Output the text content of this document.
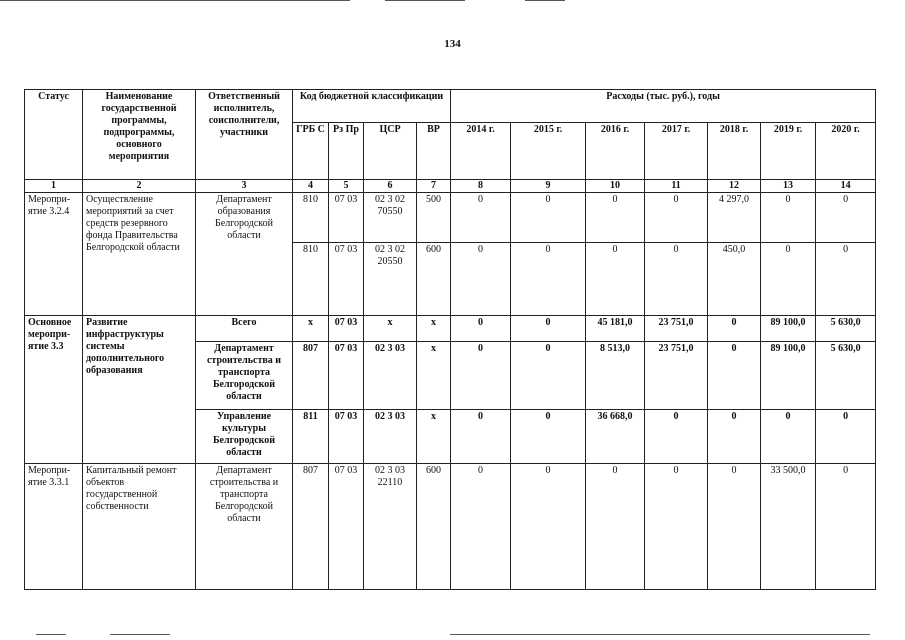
134
Статус	Наименование государственной программы, подпрограммы, основного мероприятия	Ответственный исполнитель, соисполнители, участники	Код бюджетной классификации				Расходы (тыс. руб.), годы						
			ГРБ С	Рз Пр	ЦСР	ВР	2014 г.	2015 г.	2016 г.	2017 г.	2018 г.	2019 г.	2020 г.
1	2	3	4	5	6	7	8	9	10	11	12	13	14
Меропри-ятие 3.2.4	Осуществление мероприятий за счет средств резервного фонда Правительства Белгородской области	Департамент образования Белгородской области	810	07 03	02 3 02 70550	500	0	0	0	0	4 297,0	0	0
			810	07 03	02 3 02 20550	600	0	0	0	0	450,0	0	0
Основное меропри-ятие 3.3	Развитие инфраструктуры системы дополнительного образования	Всего	x	07 03	x	x	0	0	45 181,0	23 751,0	0	89 100,0	5 630,0
		Департамент строительства и транспорта Белгородской области	807	07 03	02 3 03	x	0	0	8 513,0	23 751,0	0	89 100,0	5 630,0
		Управление культуры Белгородской области	811	07 03	02 3 03	x	0	0	36 668,0	0	0	0	0
Меропри-ятие 3.3.1	Капитальный ремонт объектов государственной собственности	Департамент строительства и транспорта Белгородской области	807	07 03	02 3 03 22110	600	0	0	0	0	0	33 500,0	0
